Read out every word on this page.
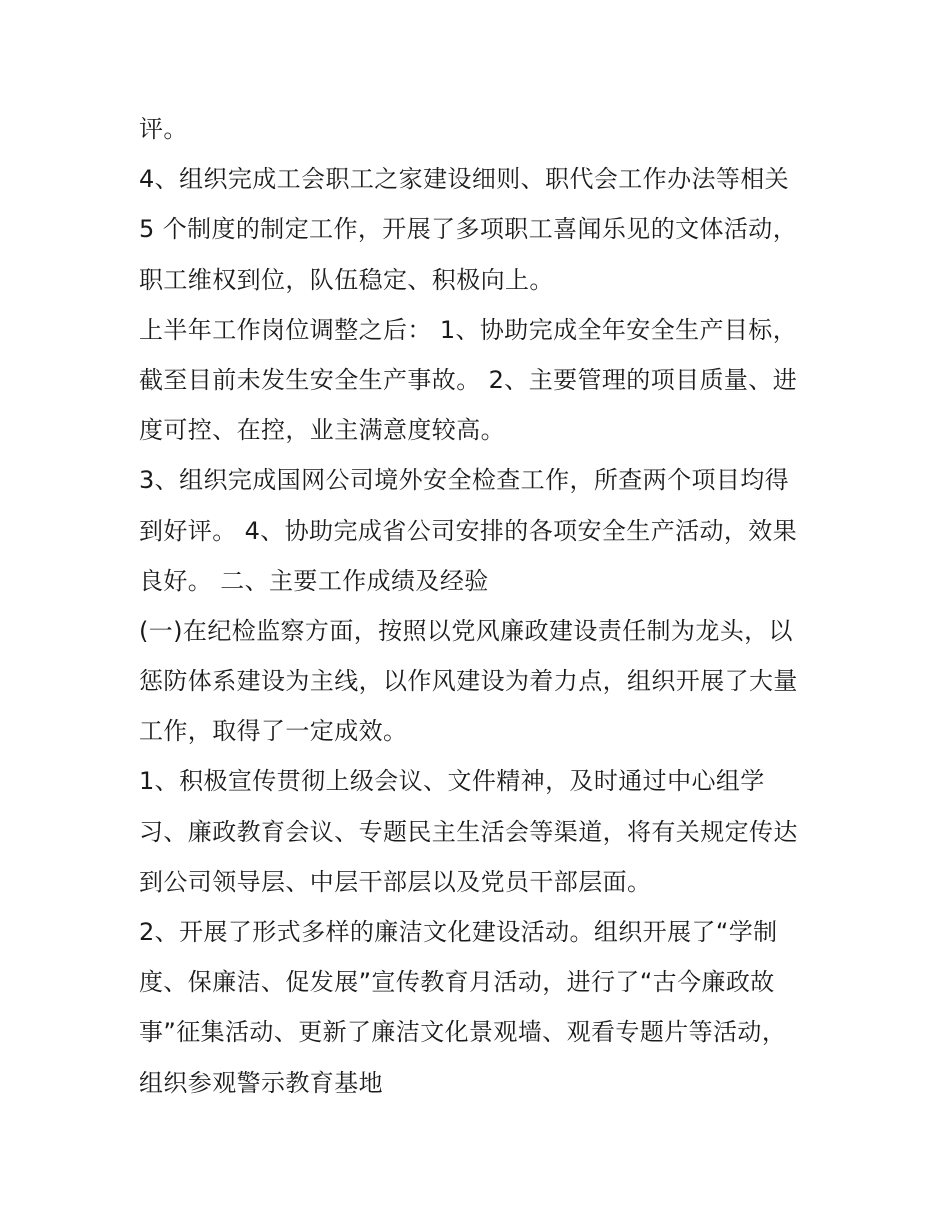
评。
4、组织完成工会职工之家建设细则、职代会工作办法等相关
5 个制度的制定工作，开展了多项职工喜闻乐见的文体活动，
职工维权到位，队伍稳定、积极向上。
上半年工作岗位调整之后： 1、协助完成全年安全生产目标，
截至目前未发生安全生产事故。 2、主要管理的项目质量、进
度可控、在控，业主满意度较高。
3、组织完成国网公司境外安全检查工作，所查两个项目均得
到好评。 4、协助完成省公司安排的各项安全生产活动，效果
良好。 二、主要工作成绩及经验
(一)在纪检监察方面，按照以党风廉政建设责任制为龙头，以
惩防体系建设为主线，以作风建设为着力点，组织开展了大量
工作，取得了一定成效。
1、积极宣传贯彻上级会议、文件精神，及时通过中心组学
习、廉政教育会议、专题民主生活会等渠道，将有关规定传达
到公司领导层、中层干部层以及党员干部层面。
2、开展了形式多样的廉洁文化建设活动。组织开展了“学制
度、保廉洁、促发展”宣传教育月活动，进行了“古今廉政故
事”征集活动、更新了廉洁文化景观墙、观看专题片等活动，
组织参观警示教育基地
